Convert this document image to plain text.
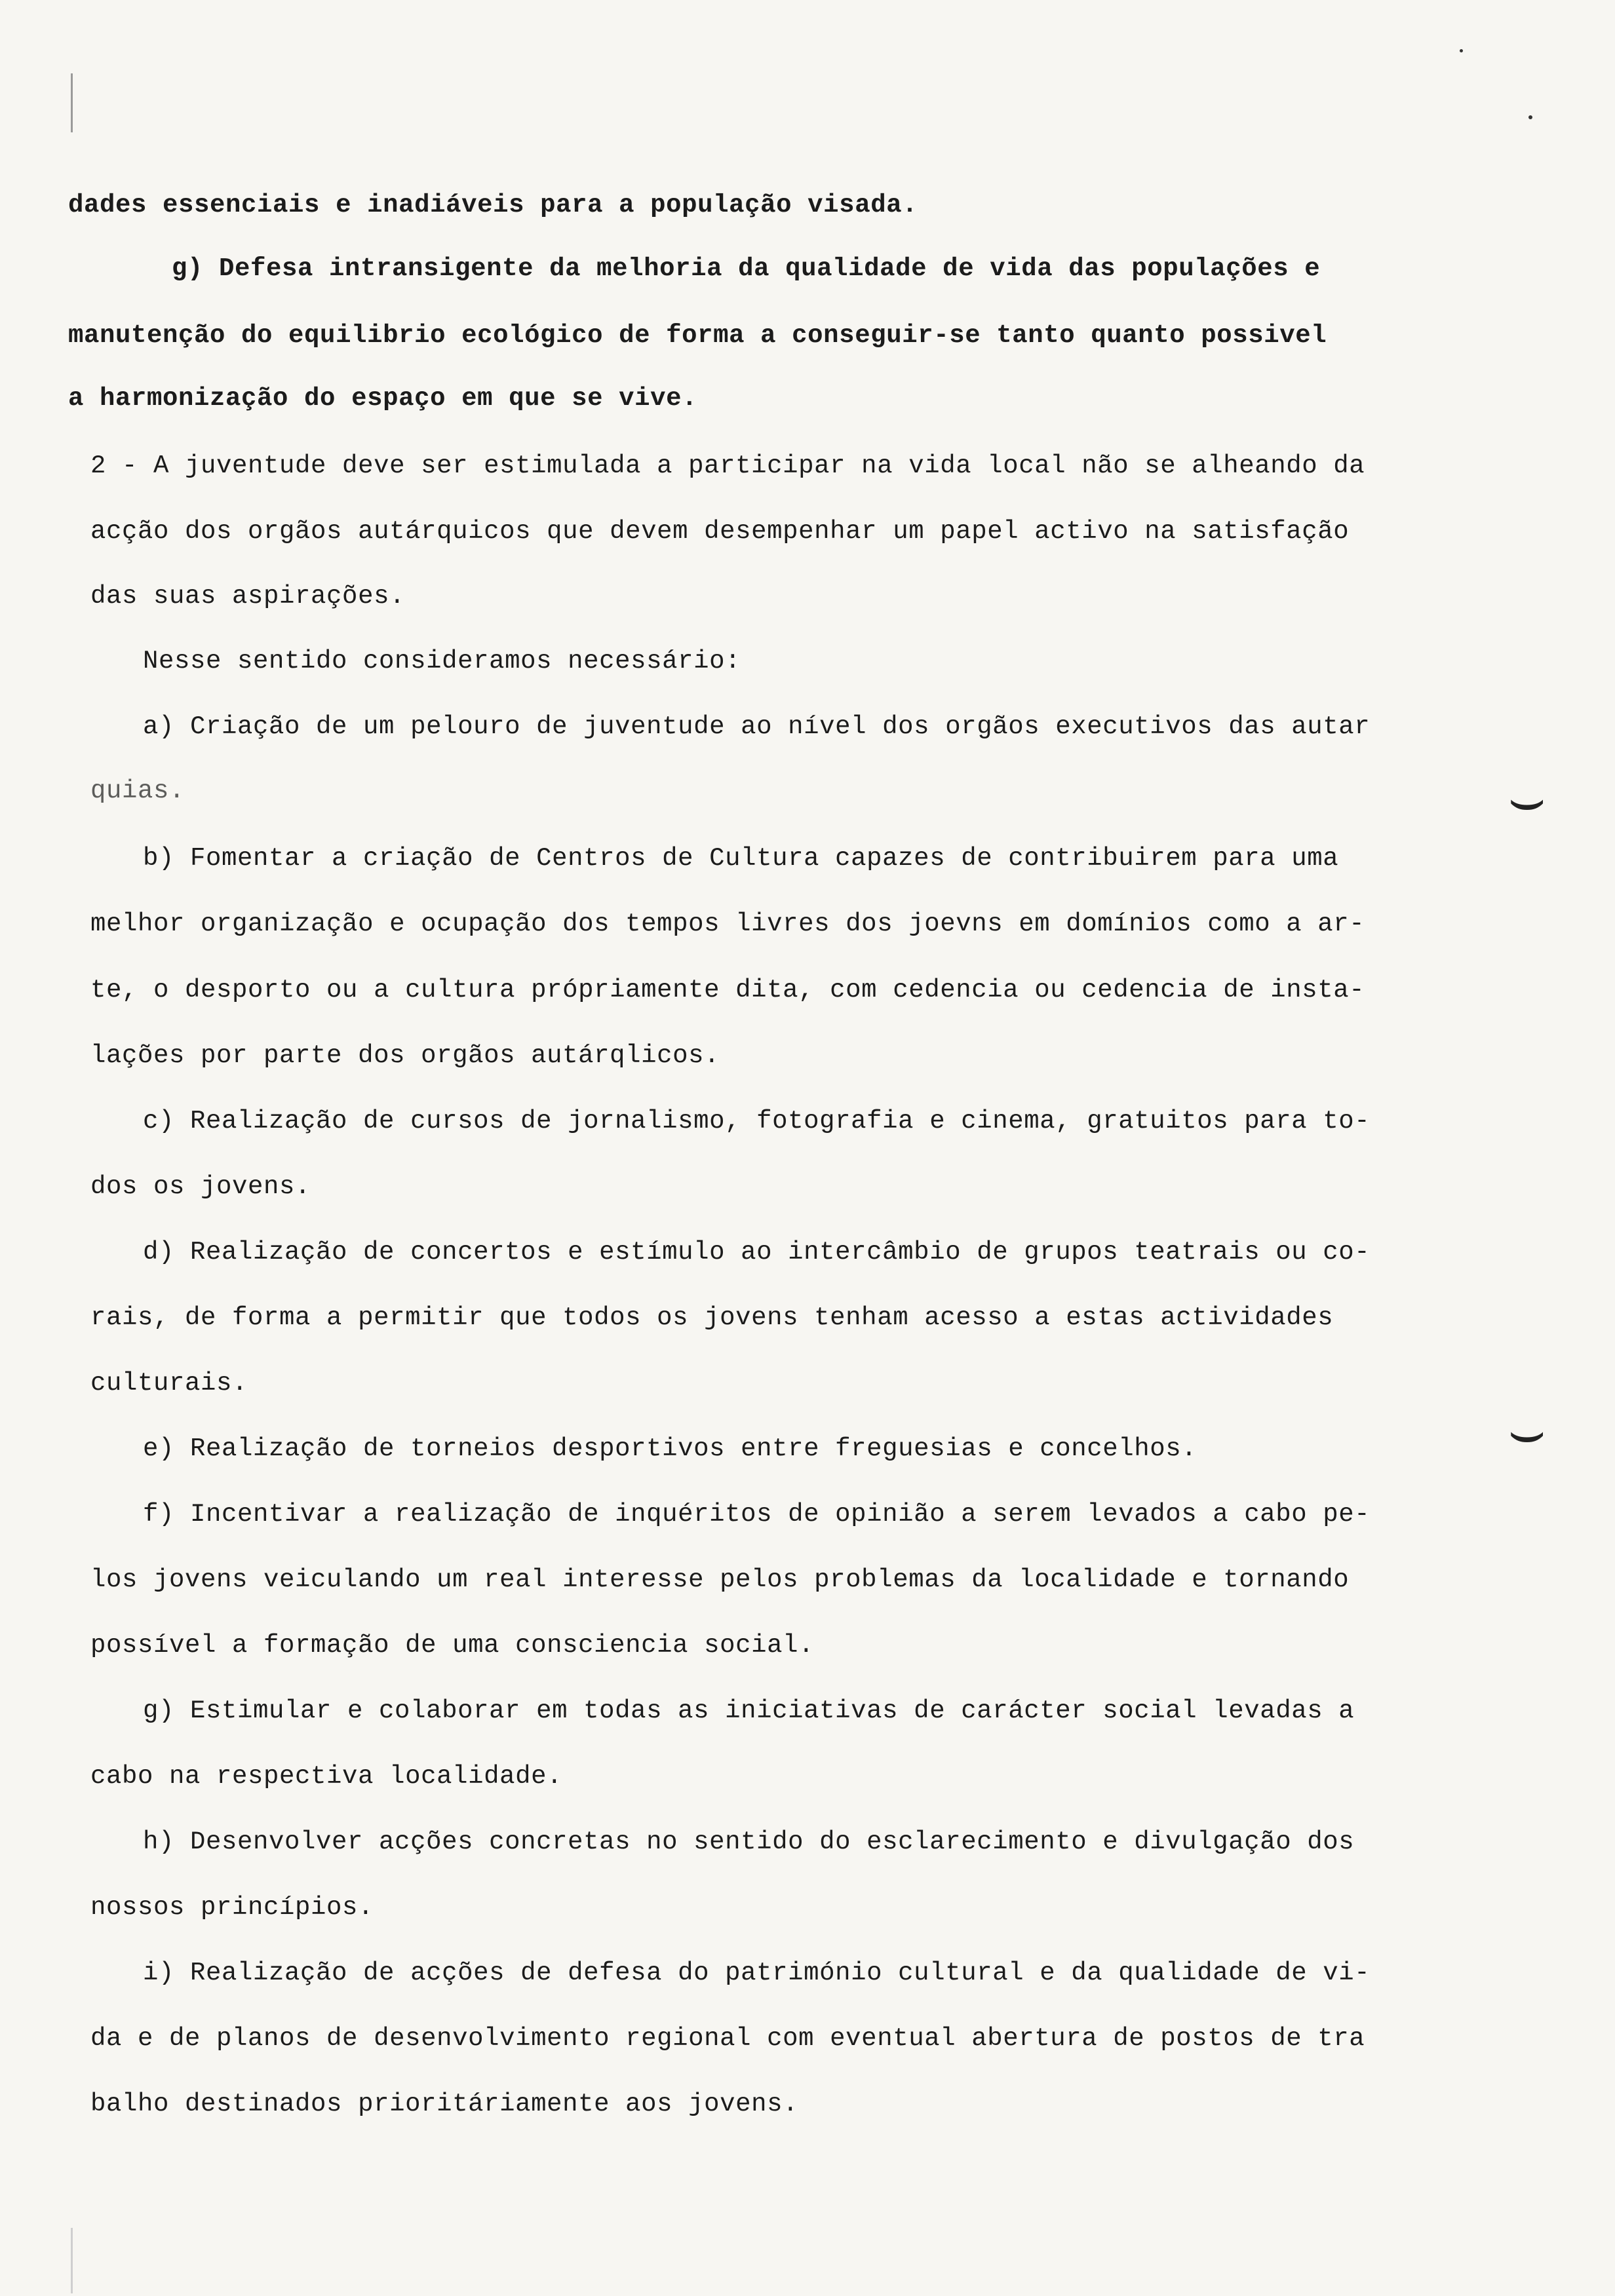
⌣
⌣
dades essenciais e inadiáveis para a população visada.
g) Defesa intransigente da melhoria da qualidade de vida das populações e
manutenção do equilibrio ecológico de forma a conseguir-se tanto quanto possivel
a harmonização do espaço em que se vive.
2 - A juventude deve ser estimulada a participar na vida local não se alheando da
acção dos orgãos autárquicos que devem desempenhar um papel activo na satisfação
das suas aspirações.
Nesse sentido consideramos necessário:
a) Criação de um pelouro de juventude ao nível dos orgãos executivos das autar
quias.
b) Fomentar a criação de Centros de Cultura capazes de contribuirem para uma
melhor organização e ocupação dos tempos livres dos joevns em domínios como a ar-
te, o desporto ou a cultura própriamente dita, com cedencia ou cedencia de insta-
lações por parte dos orgãos autárqlicos.
c) Realização de cursos de jornalismo, fotografia e cinema, gratuitos para to-
dos os jovens.
d) Realização de concertos e estímulo ao intercâmbio de grupos teatrais ou co-
rais, de forma a permitir que todos os jovens tenham acesso a estas actividades
culturais.
e) Realização de torneios desportivos entre freguesias e concelhos.
f) Incentivar a realização de inquéritos de opinião a serem levados a cabo pe-
los jovens veiculando um real interesse pelos problemas da localidade e tornando
possível a formação de uma consciencia social.
g) Estimular e colaborar em todas as iniciativas de carácter social levadas a
cabo na respectiva localidade.
h) Desenvolver acções concretas no sentido do esclarecimento e divulgação dos
nossos princípios.
i) Realização de acções de defesa do património cultural e da qualidade de vi-
da e de planos de desenvolvimento regional com eventual abertura de postos de tra
balho destinados prioritáriamente aos jovens.
